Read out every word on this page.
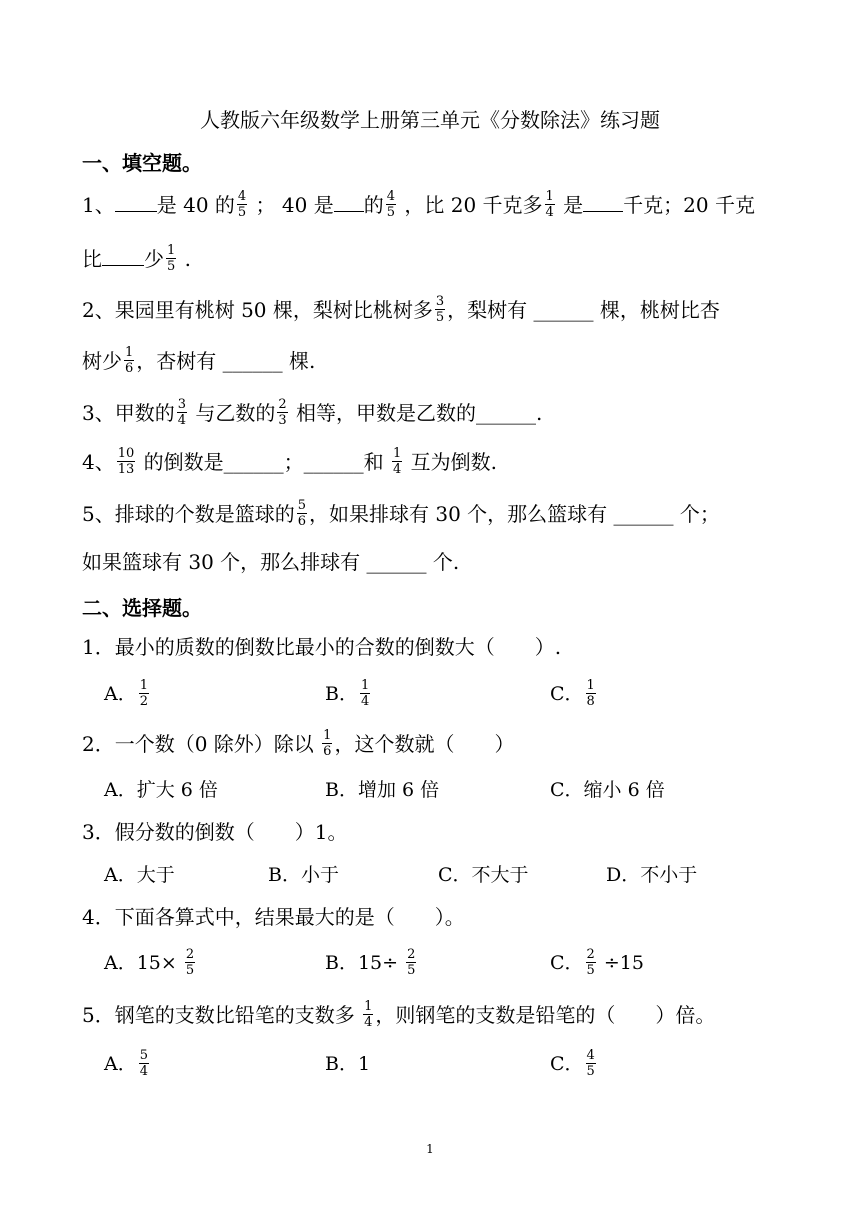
人教版六年级数学上册第三单元《分数除法》练习题
一、填空题。
1、 是 40 的 $\frac{4}{5}$ ； 40 是 的 $\frac{4}{5}$ ，比 20 千克多 $\frac{1}{4}$ 是 千克；20 千克
比 少 $\frac{1}{5}$ .
2、果园里有桃树 50 棵，梨树比桃树多 $\frac{3}{5}$ ，梨树有 ______ 棵，桃树比杏
树少 $\frac{1}{6}$ ，杏树有 ______ 棵.
3、甲数的 $\frac{3}{4}$ 与乙数的 $\frac{2}{3}$ 相等，甲数是乙数的______.
4、 $\frac{10}{13}$ 的倒数是______；______和 $\frac{1}{4}$ 互为倒数.
5、排球的个数是篮球的 $\frac{5}{6}$ ，如果排球有 30 个，那么篮球有 ______ 个；
如果篮球有 30 个，那么排球有 ______ 个.
二、选择题。
1．最小的质数的倒数比最小的合数的倒数大（　　）.
A． $\frac{1}{2}$	B． $\frac{1}{4}$	C． $\frac{1}{8}$
2．一个数（0 除外）除以 $\frac{1}{6}$ ，这个数就（　　）
A．扩大 6 倍	B．增加 6 倍	C．缩小 6 倍
3．假分数的倒数（　　）1。
A．大于	B．小于	C．不大于	D．不小于
4．下面各算式中，结果最大的是（　　）。
A．$15\times \frac{2}{5}$	B．$15\div \frac{2}{5}$	C． $\frac{2}{5} \div 15$
5．钢笔的支数比铅笔的支数多 $\frac{1}{4}$ ，则钢笔的支数是铅笔的（　　）倍。
A． $\frac{5}{4}$	B．1	C． $\frac{4}{5}$
1
